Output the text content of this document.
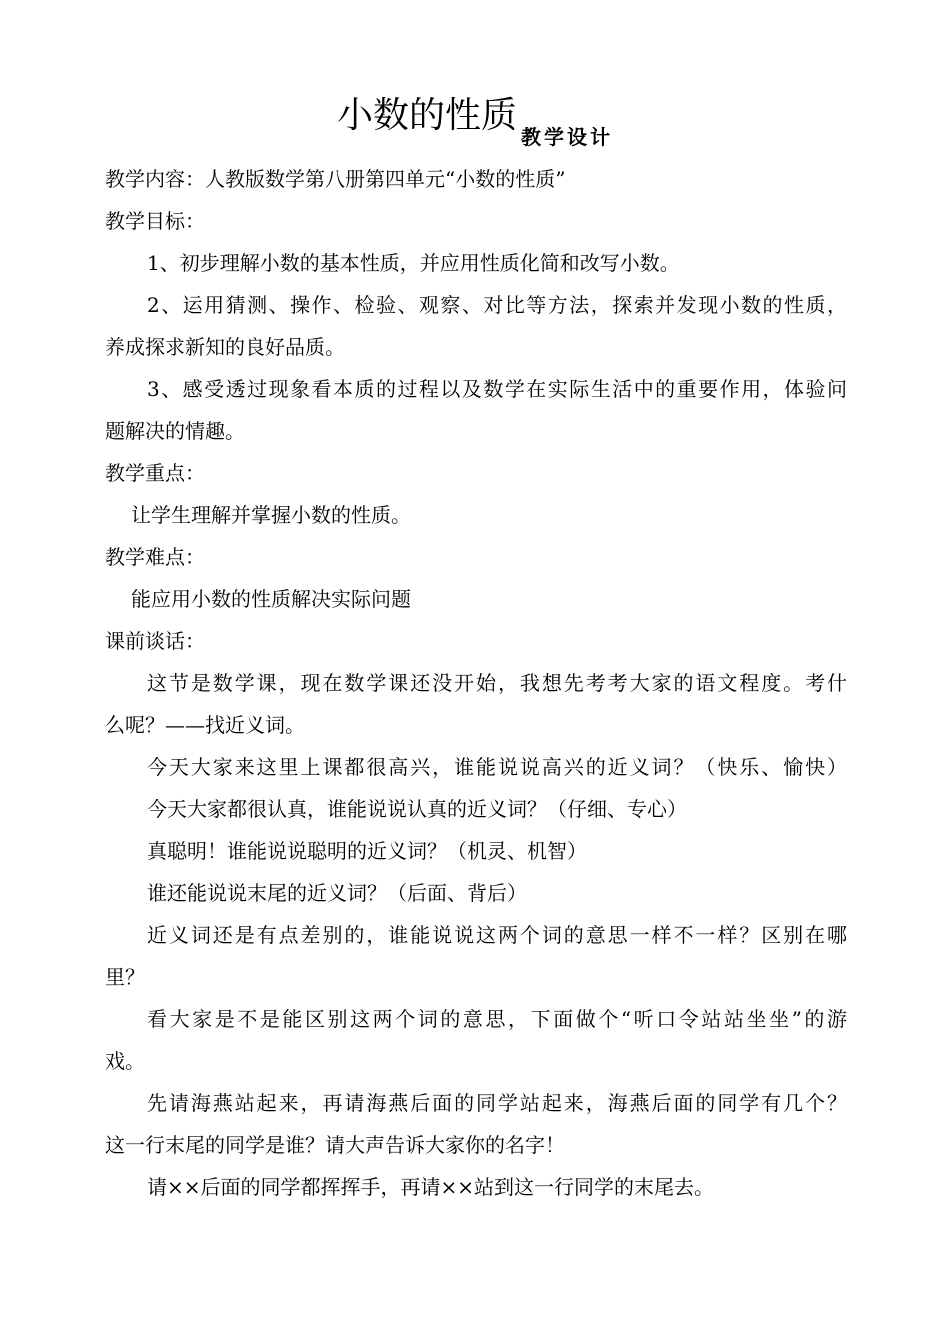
小数的性质教学设计
教学内容：人教版数学第八册第四单元“小数的性质”
教学目标：
1、初步理解小数的基本性质，并应用性质化简和改写小数。
2、运用猜测、操作、检验、观察、对比等方法，探索并发现小数的性质，
养成探求新知的良好品质。
3、感受透过现象看本质的过程以及数学在实际生活中的重要作用，体验问
题解决的情趣。
教学重点：
让学生理解并掌握小数的性质。
教学难点：
能应用小数的性质解决实际问题
课前谈话：
这节是数学课，现在数学课还没开始，我想先考考大家的语文程度。考什
么呢？——找近义词。
今天大家来这里上课都很高兴，谁能说说高兴的近义词？（快乐、愉快）
今天大家都很认真，谁能说说认真的近义词？（仔细、专心）
真聪明！谁能说说聪明的近义词？（机灵、机智）
谁还能说说末尾的近义词？（后面、背后）
近义词还是有点差别的，谁能说说这两个词的意思一样不一样？区别在哪
里？
看大家是不是能区别这两个词的意思，下面做个“听口令站站坐坐”的游
戏。
先请海燕站起来，再请海燕后面的同学站起来，海燕后面的同学有几个？
这一行末尾的同学是谁？请大声告诉大家你的名字！
请××后面的同学都挥挥手，再请××站到这一行同学的末尾去。
